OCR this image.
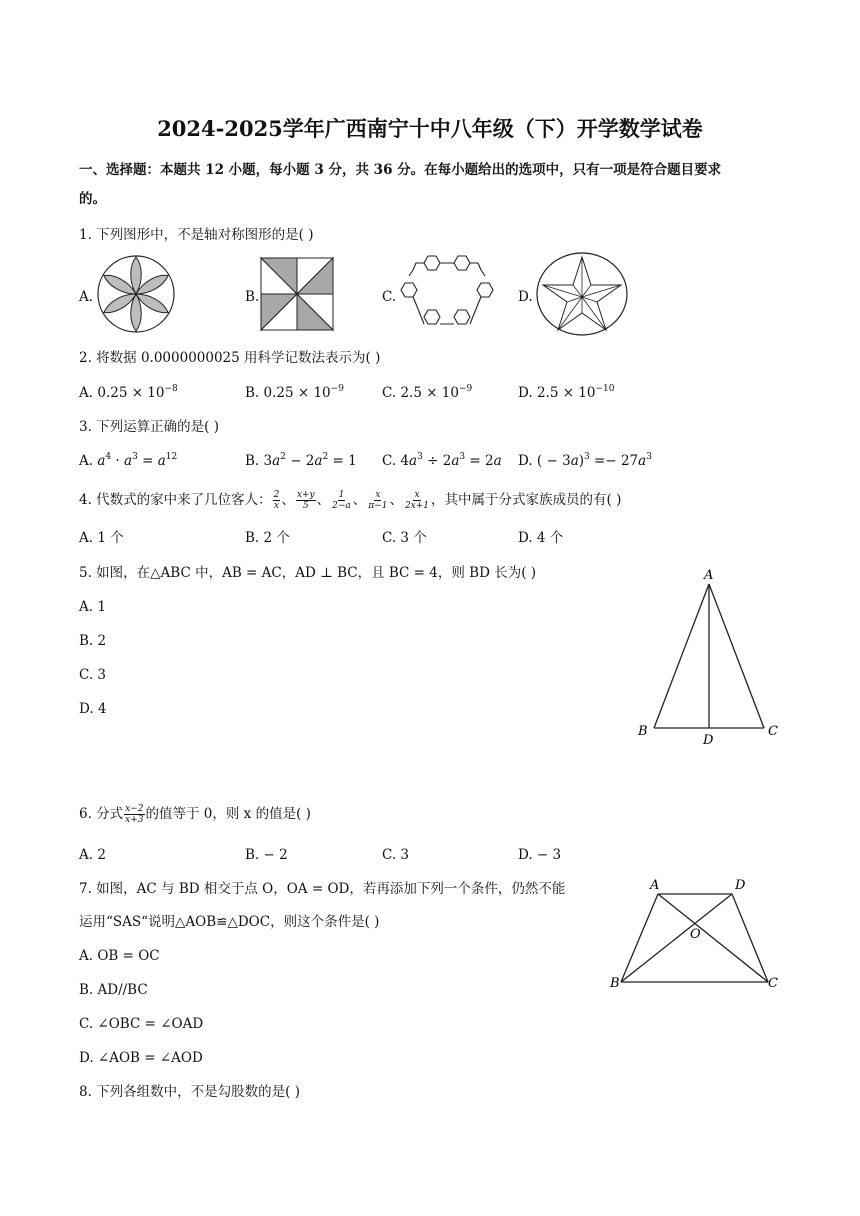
2024-2025学年广西南宁十中八年级（下）开学数学试卷
一、选择题：本题共 12 小题，每小题 3 分，共 36 分。在每小题给出的选项中，只有一项是符合题目要求
的。
1. 下列图形中，不是轴对称图形的是( )
A.	B.	C.	D.
2. 将数据 0.0000000025 用科学记数法表示为( )
A. $0.25 \times 10^{-8}$	B. $0.25 \times 10^{-9}$	C. $2.5 \times 10^{-9}$	D. $2.5 \times 10^{-10}$
3. 下列运算正确的是( )
A. $a^4 \cdot a^3 = a^{12}$	B. $3a^2 - 2a^2 = 1$ C. $4a^3 \div 2a^3 = 2a$ D. ( − $3a)^3 =- 27a^3$
4. 代数式的家中来了几位客人： $\frac{2}{x}$ 、 $\frac{x+y}{5}$ 、 $\frac{1}{2-a}$ 、 $\frac{x}{\pi-1}$ 、 $\frac{x}{2x+1}$ ，其中属于分式家族成员的有( )
A. 1 个	B. 2 个	C. 3 个	D. 4 个
5. 如图，在△ABC 中，AB = AC，AD ⊥ BC，且 BC = 4，则 BD 长为( )
A. 1
B. 2
C. 3
D. 4
A
B	C
D
6. 分式 $\frac{x-2}{x+3}$ 的值等于 0，则 x 的值是( )
A. 2	B. − 2	C. 3	D. − 3
7. 如图，AC 与 BD 相交于点 O，OA = OD，若再添加下列一个条件，仍然不能
运用“SAS“说明△AOB≌△DOC，则这个条件是( )
A. OB = OC
B. AD//BC
C. ∠OBC = ∠OAD
D. ∠AOB = ∠AOD
A	D
O
B	C
8. 下列各组数中，不是勾股数的是( )
